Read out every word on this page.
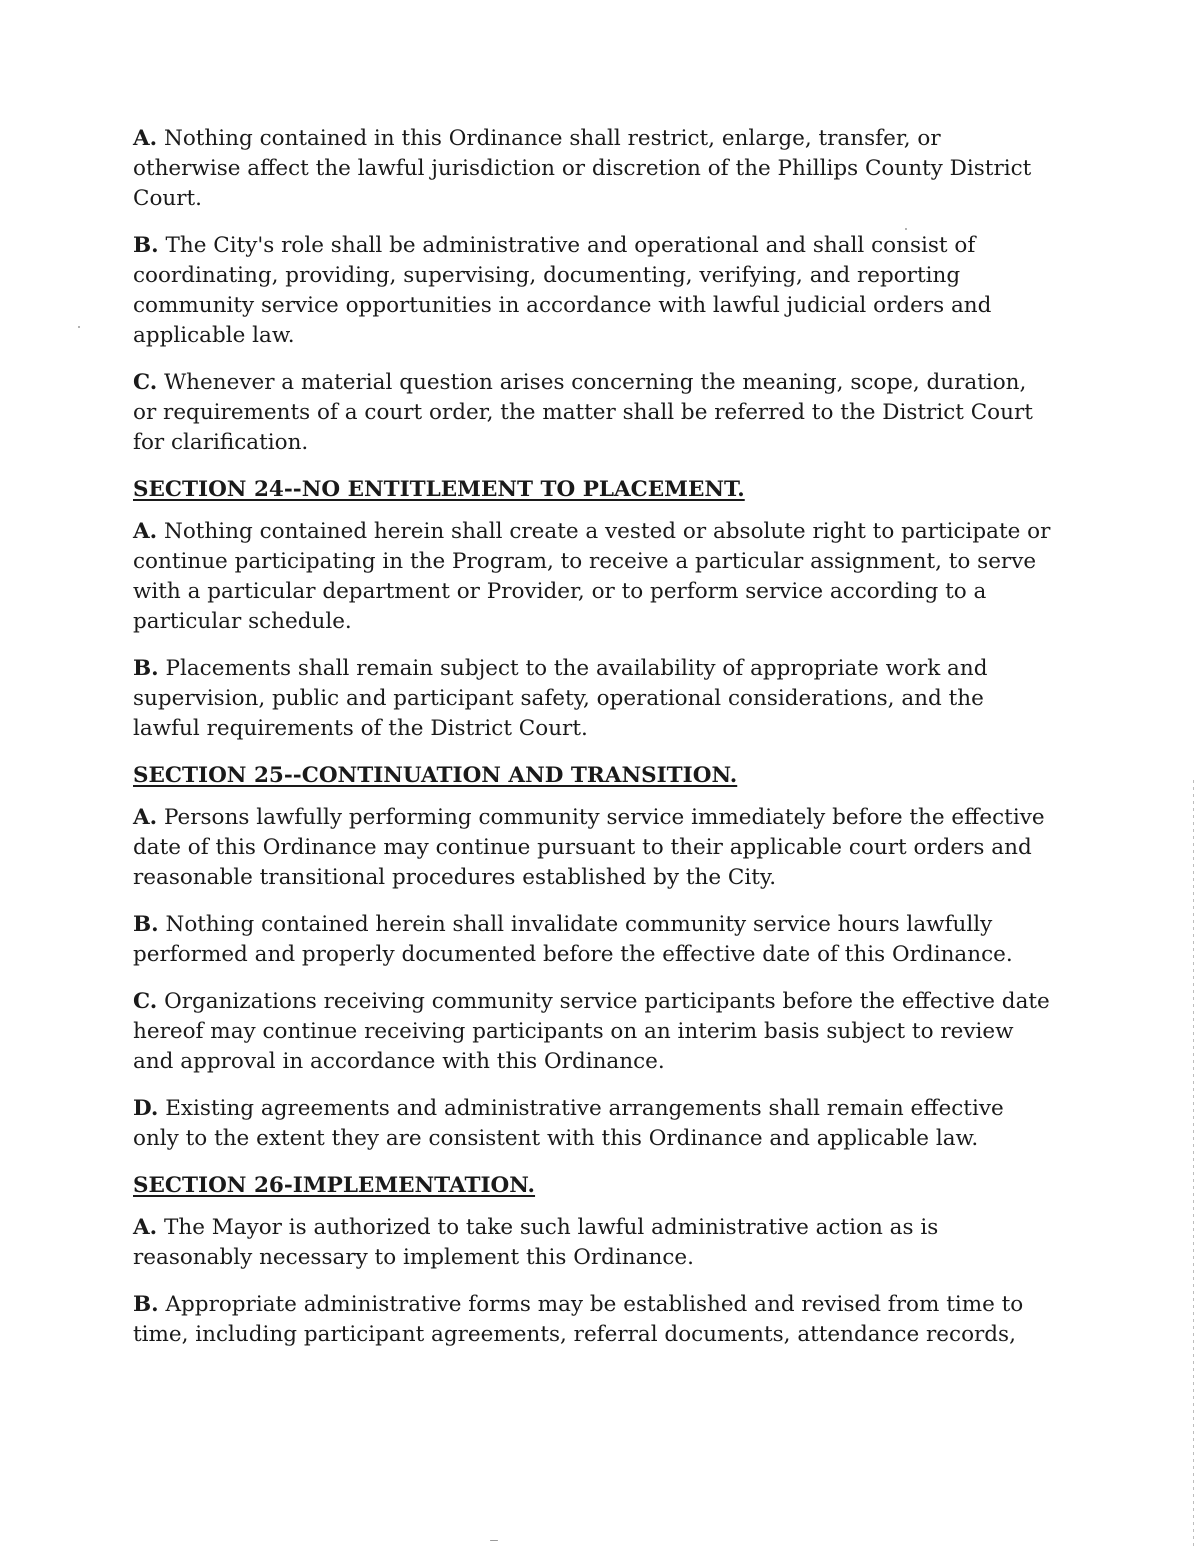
A. Nothing contained in this Ordinance shall restrict, enlarge, transfer, or otherwise affect the lawful jurisdiction or discretion of the Phillips County District Court.

B. The City's role shall be administrative and operational and shall consist of coordinating, providing, supervising, documenting, verifying, and reporting community service opportunities in accordance with lawful judicial orders and applicable law.

C. Whenever a material question arises concerning the meaning, scope, duration, or requirements of a court order, the matter shall be referred to the District Court for clarification.

SECTION 24--NO ENTITLEMENT TO PLACEMENT.

A. Nothing contained herein shall create a vested or absolute right to participate or continue participating in the Program, to receive a particular assignment, to serve with a particular department or Provider, or to perform service according to a particular schedule.

B. Placements shall remain subject to the availability of appropriate work and supervision, public and participant safety, operational considerations, and the lawful requirements of the District Court.

SECTION 25--CONTINUATION AND TRANSITION.

A. Persons lawfully performing community service immediately before the effective date of this Ordinance may continue pursuant to their applicable court orders and reasonable transitional procedures established by the City.

B. Nothing contained herein shall invalidate community service hours lawfully performed and properly documented before the effective date of this Ordinance.

C. Organizations receiving community service participants before the effective date hereof may continue receiving participants on an interim basis subject to review and approval in accordance with this Ordinance.

D. Existing agreements and administrative arrangements shall remain effective only to the extent they are consistent with this Ordinance and applicable law.

SECTION 26-IMPLEMENTATION.

A. The Mayor is authorized to take such lawful administrative action as is reasonably necessary to implement this Ordinance.

B. Appropriate administrative forms may be established and revised from time to time, including participant agreements, referral documents, attendance records,
